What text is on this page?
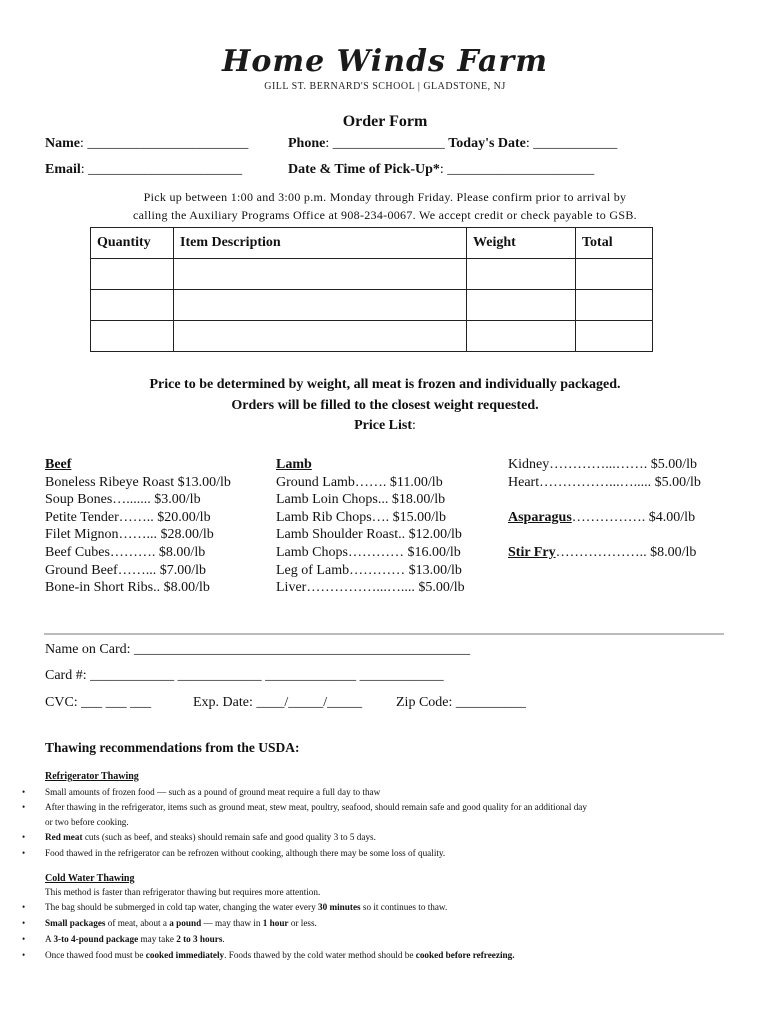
Home Winds Farm
GILL ST. BERNARD'S SCHOOL | GLADSTONE, NJ
Order Form
Name: _______________________	Phone: ________________ Today's Date: ____________
Email: ______________________	Date & Time of Pick-Up*: _____________________
Pick up between 1:00 and 3:00 p.m. Monday through Friday. Please confirm prior to arrival by
calling the Auxiliary Programs Office at 908-234-0067. We accept credit or check payable to GSB.
Quantity	Item Description	Weight	Total

Price to be determined by weight, all meat is frozen and individually packaged.
Orders will be filled to the closest weight requested.
Price List:
Beef
Boneless Ribeye Roast $13.00/lb
Soup Bones…....... $3.00/lb
Petite Tender…….. $20.00/lb
Filet Mignon……... $28.00/lb
Beef Cubes………. $8.00/lb
Ground Beef……... $7.00/lb
Bone-in Short Ribs.. $8.00/lb
Lamb
Ground Lamb……. $11.00/lb
Lamb Loin Chops... $18.00/lb
Lamb Rib Chops…. $15.00/lb
Lamb Shoulder Roast.. $12.00/lb
Lamb Chops………… $16.00/lb
Leg of Lamb………… $13.00/lb
Liver……………...….... $5.00/lb
Kidney…………...……. $5.00/lb
Heart……………...…..... $5.00/lb
Asparagus……………. $4.00/lb
Stir Fry……………….. $8.00/lb
Name on Card: ________________________________________________
Card #: ____________ ____________ _____________ ____________
CVC: ___ ___ ___	Exp. Date: ____/_____/_____ Zip Code: __________
Thawing recommendations from the USDA:
Refrigerator Thawing
• Small amounts of frozen food — such as a pound of ground meat require a full day to thaw
• After thawing in the refrigerator, items such as ground meat, stew meat, poultry, seafood, should remain safe and good quality for an additional day
or two before cooking.
• Red meat cuts (such as beef, and steaks) should remain safe and good quality 3 to 5 days.
• Food thawed in the refrigerator can be refrozen without cooking, although there may be some loss of quality.
Cold Water Thawing
This method is faster than refrigerator thawing but requires more attention.
• The bag should be submerged in cold tap water, changing the water every 30 minutes so it continues to thaw.
• Small packages of meat, about a a pound — may thaw in 1 hour or less.
• A 3-to 4-pound package may take 2 to 3 hours.
• Once thawed food must be cooked immediately. Foods thawed by the cold water method should be cooked before refreezing.
